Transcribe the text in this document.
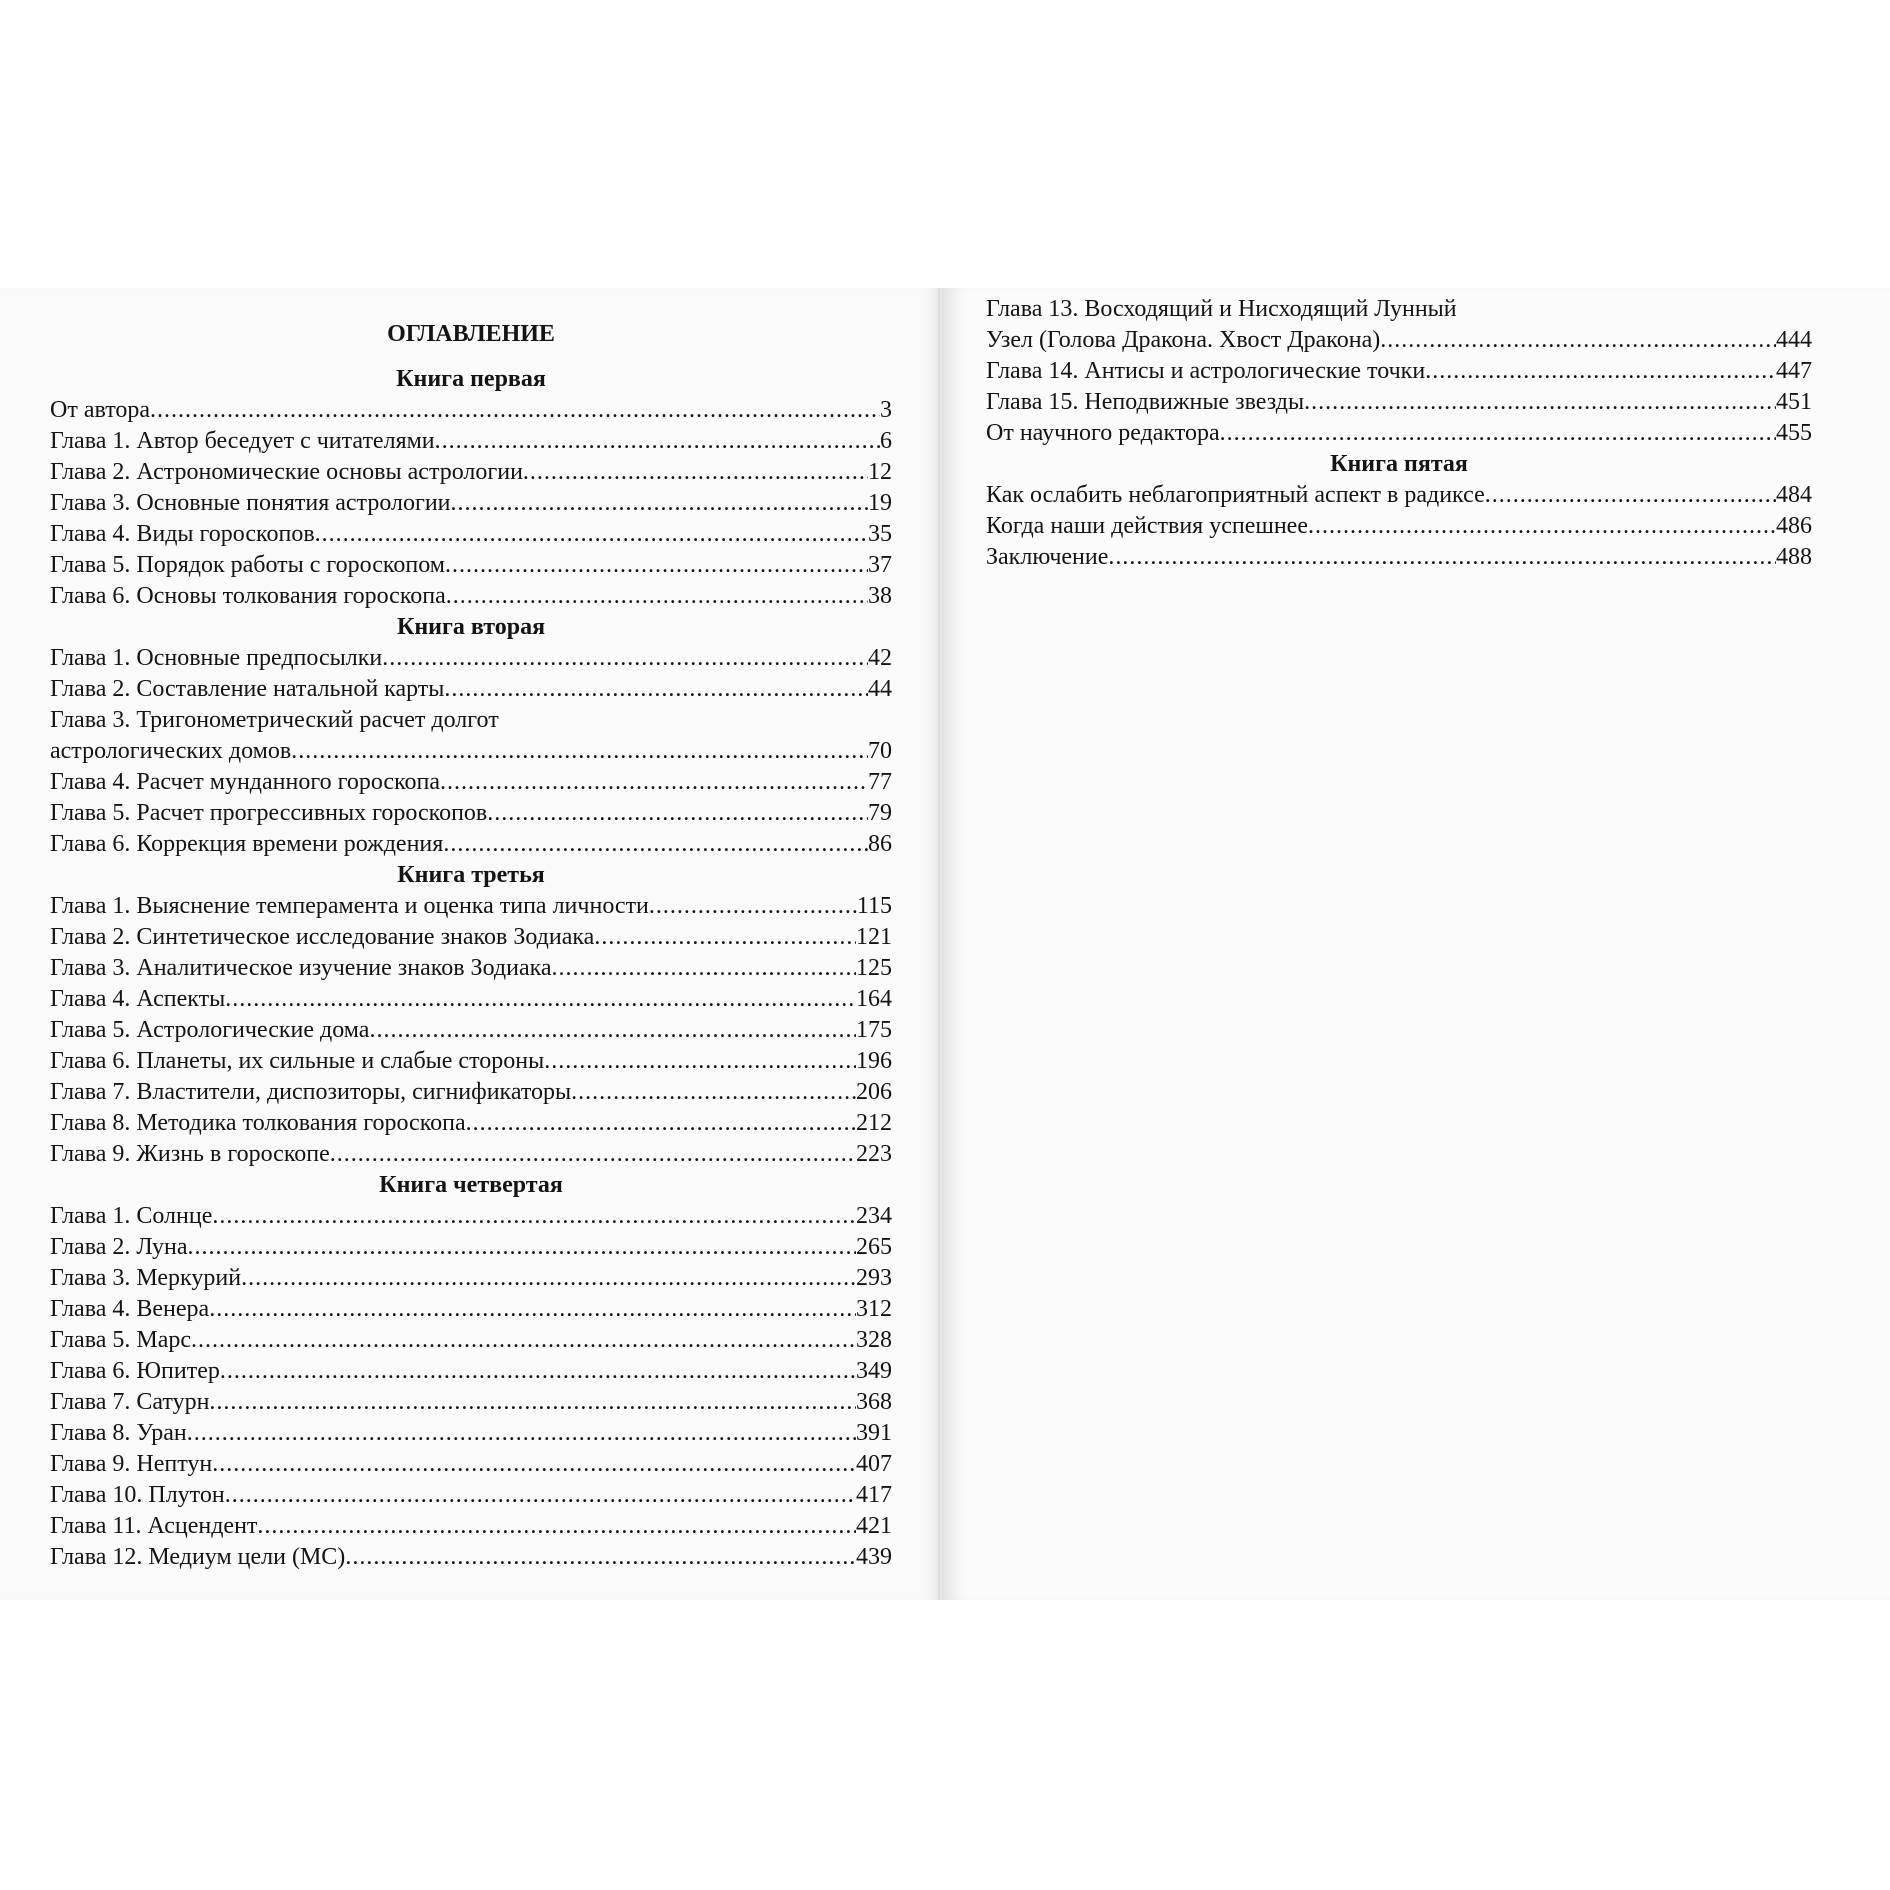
ОГЛАВЛЕНИЕ
Книга первая
От автора .....	3
Глава 1. Автор беседует с читателями .....	6
Глава 2. Астрономические основы астрологии .....	12
Глава 3. Основные понятия астрологии .....	19
Глава 4. Виды гороскопов .....	35
Глава 5. Порядок работы с гороскопом .....	37
Глава 6. Основы толкования гороскопа .....	38
Книга вторая
Глава 1. Основные предпосылки .....	42
Глава 2. Составление натальной карты .....	44
Глава 3. Тригонометрический расчет долгот
астрологических домов .....	70
Глава 4. Расчет мунданного гороскопа .....	77
Глава 5. Расчет прогрессивных гороскопов .....	79
Глава 6. Коррекция времени рождения .....	86
Книга третья
Глава 1. Выяснение темперамента и оценка типа личности .....	115
Глава 2. Синтетическое исследование знаков Зодиака .....	121
Глава 3. Аналитическое изучение знаков Зодиака .....	125
Глава 4. Аспекты .....	164
Глава 5. Астрологические дома .....	175
Глава 6. Планеты, их сильные и слабые стороны .....	196
Глава 7. Властители, диспозиторы, сигнификаторы .....	206
Глава 8. Методика толкования гороскопа .....	212
Глава 9. Жизнь в гороскопе .....	223
Книга четвертая
Глава 1. Солнце .....	234
Глава 2. Луна .....	265
Глава 3. Меркурий .....	293
Глава 4. Венера .....	312
Глава 5. Марс .....	328
Глава 6. Юпитер .....	349
Глава 7. Сатурн .....	368
Глава 8. Уран .....	391
Глава 9. Нептун .....	407
Глава 10. Плутон .....	417
Глава 11. Асцендент .....	421
Глава 12. Медиум цели (МС) .....	439
Глава 13. Восходящий и Нисходящий Лунный
Узел (Голова Дракона. Хвост Дракона) .....	444
Глава 14. Антисы и астрологические точки .....	447
Глава 15. Неподвижные звезды .....	451
От научного редактора .....	455
Книга пятая
Как ослабить неблагоприятный аспект в радиксе .....	484
Когда наши действия успешнее .....	486
Заключение .....	488
